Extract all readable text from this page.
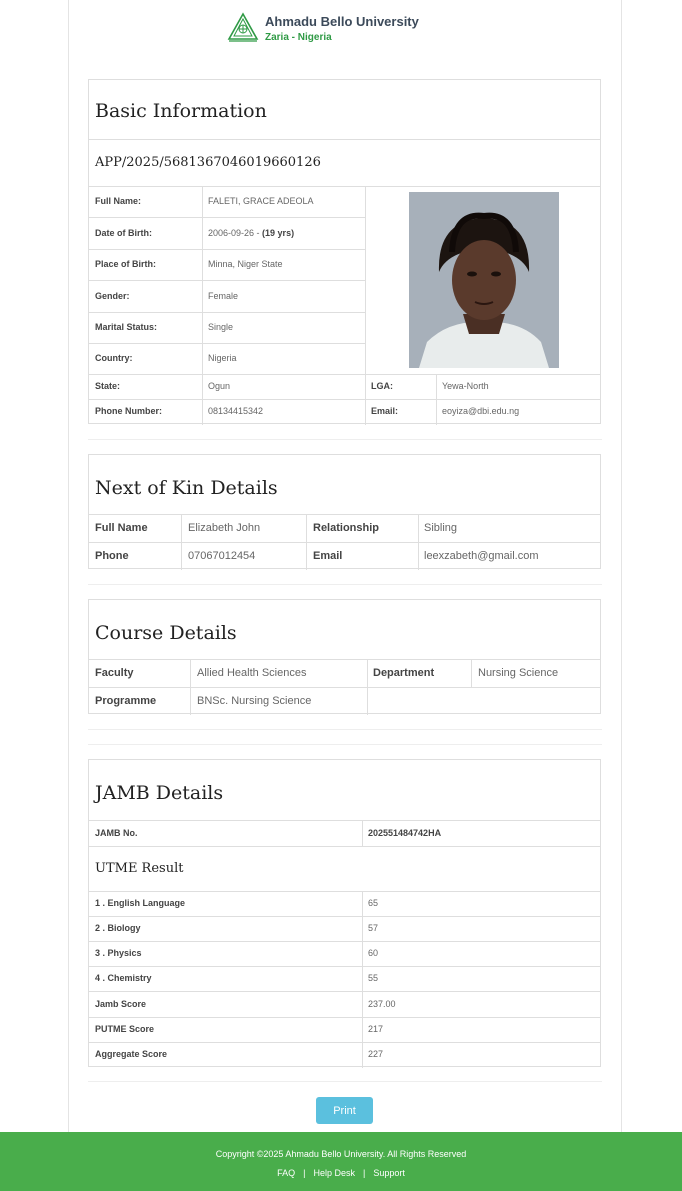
Ahmadu Bello University
Zaria - Nigeria
Basic Information
APP/2025/5681367046019660126
Full Name:	FALETI, GRACE ADEOLA
Date of Birth:	2006-09-26 - (19 yrs)
Place of Birth:	Minna, Niger State
Gender:	Female
Marital Status:	Single
Country:	Nigeria
State:	Ogun	LGA:	Yewa-North
Phone Number:	08134415342	Email:	eoyiza@dbi.edu.ng
Next of Kin Details
Full Name	Elizabeth John	Relationship	Sibling
Phone	07067012454	Email	leexzabeth@gmail.com
Course Details
Faculty	Allied Health Sciences	Department	Nursing Science
Programme	BNSc. Nursing Science
JAMB Details
JAMB No.	202551484742HA
UTME Result
1 . English Language	65
2 . Biology	57
3 . Physics	60
4 . Chemistry	55
Jamb Score	237.00
PUTME Score	217
Aggregate Score	227
Print
Copyright ©2025 Ahmadu Bello University. All Rights Reserved
FAQ | Help Desk | Support
